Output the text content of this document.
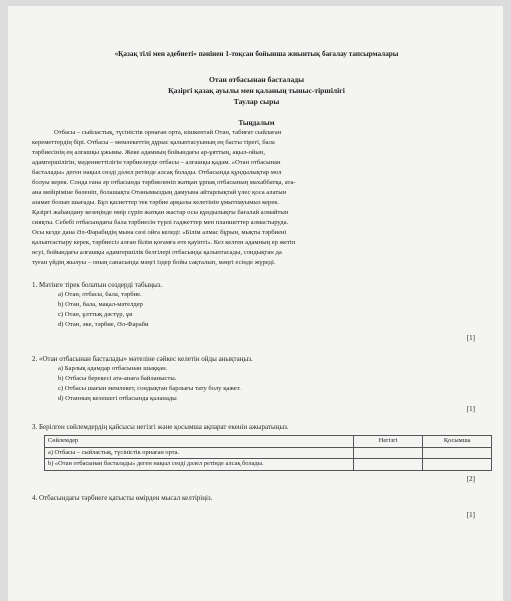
«Қазақ тілі мен әдебиеті» пәнінен 1-тоқсан бойынша жиынтық бағалау тапсырмалары
Отан отбасынан басталады
Қазіргі қазақ ауылы мен қаланың тыныс-тіршілігі
Таулар сыры
Тыңдалым
Отбасы – сыйластық, түсіністік орнаған орта, кішкентай Отан, табиғат сыйлаған
кереметтердің бірі. Отбасы – мемлекеттің дұрыс қалыптасуының ең басты тірегі, бала
тәрбиесінің ең алғашқы ұжымы. Жеке адамның бойындағы ар-ұяттың, ақыл-ойын,
адамгершілігін, мәдениеттілігін тәрбиелеуде отбасы – алғашқы қадам. «Отан отбасынан
басталады» деген нақыл сөзді дәлел ретінде алсақ болады. Отбасында құндылықтар мол
болуы керек. Сонда ғана әр отбасында тәрбиеленіп жатқан ұрпақ отбасының махаббатқа, ата-
ана мейіріміне бөленіп, болашақта Отанымыздың дамуына айтарлықтай үлес қоса алатын
азамат болып шығады. Бұл қасиеттер тек тәрбие арқылы келетінін ұмытпауымыз керек.
Қазіргі жаһандану кезеңінде өмір сүріп жатқан жастар осы құндылықты бағалай алмайтын
сияқты. Себебі отбасындағы бала тәрбиесін түрлі гаджеттер мен планшеттер алмастыруда.
Осы кезде дана Әл-Фарабидің мына сөзі ойға келеді: «Білім алмас бұрын, мықты тәрбиені
қалыптастыру керек, тәрбиесіз алған білім қоғамға өте қауіпті». Кез келген адамның ер жетіп
өсуі, бойындағы алғашқы адамгершілік белгілері отбасында қалыптасады, сондықтан да
туған үйдің жылуы – оның санасында мәңгі іздер бойы сақталып, мәңгі есінде жүреді.
1. Мәтінге тірек болатын сөздерді табыңыз.
a) Отан, отбасы, бала, тәрбие.
b) Отан, бала, мақал-мәтелдер
c) Отан, ұлттық дәстүр, ұя
d) Отан, әке, тәрбие, Әл-Фараби
[1]
2. «Отан отбасынан басталады» мәтеліне сәйкес келетін ойды анықтаңыз.
a) Барлық адамдар отбасынан шыққан.
b) Отбасы берекесі ата-анаға байланысты.
c) Отбасы шағын мемлекет, сондықтан барлығы тату болу қажет.
d) Отанның келешегі отбасында қаланады
[1]
3. Берілген сөйлемдердің қайсысы негізгі және қосымша ақпарат екенін ажыратыңыз.
Сөйлемдер	Негізгі	Қосымша
a) Отбасы – сыйластық, түсіністік орнаған орта.		
b) «Отан отбасынан басталады» деген нақыл сөзді дәлел ретінде алсақ болады.		
[2]
4. Отбасындағы тәрбиеге қатысты өмірден мысал келтіріңіз.
[1]
